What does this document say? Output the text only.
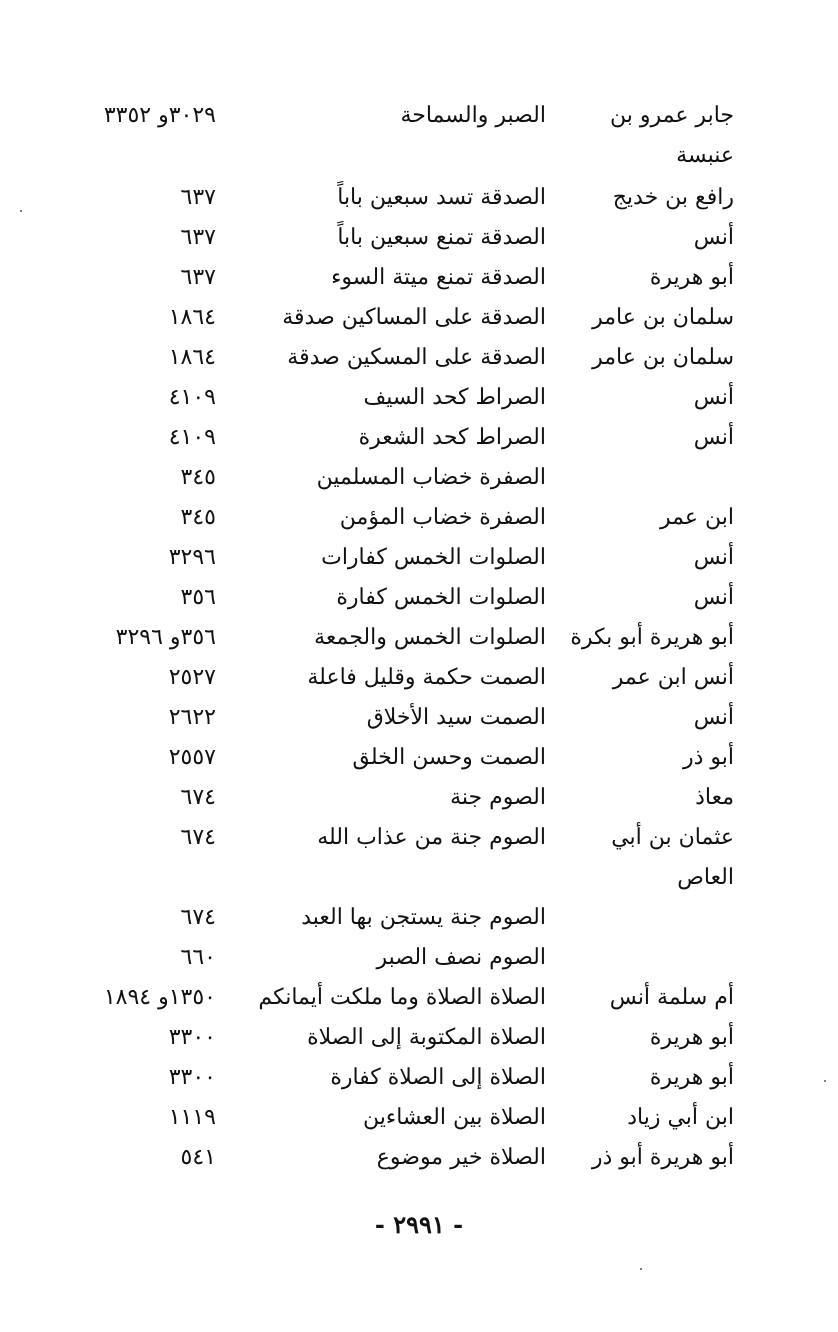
جابر عمرو بن
الصبر والسماحة
٣٠٢٩و ٣٣٥٢
عنبسة
رافع بن خديج
الصدقة تسد سبعين باباً
٦٣٧
أنس
الصدقة تمنع سبعين باباً
٦٣٧
أبو هريرة
الصدقة تمنع ميتة السوء
٦٣٧
سلمان بن عامر
الصدقة على المساكين صدقة
١٨٦٤
سلمان بن عامر
الصدقة على المسكين صدقة
١٨٦٤
أنس
الصراط كحد السيف
٤١٠٩
أنس
الصراط كحد الشعرة
٤١٠٩
الصفرة خضاب المسلمين
٣٤٥
ابن عمر
الصفرة خضاب المؤمن
٣٤٥
أنس
الصلوات الخمس كفارات
٣٢٩٦
أنس
الصلوات الخمس كفارة
٣٥٦
أبو هريرة أبو بكرة
الصلوات الخمس والجمعة
٣٥٦و ٣٢٩٦
أنس ابن عمر
الصمت حكمة وقليل فاعلة
٢٥٢٧
أنس
الصمت سيد الأخلاق
٢٦٢٢
أبو ذر
الصمت وحسن الخلق
٢٥٥٧
معاذ
الصوم جنة
٦٧٤
عثمان بن أبي
الصوم جنة من عذاب الله
٦٧٤
العاص
الصوم جنة يستجن بها العبد
٦٧٤
الصوم نصف الصبر
٦٦٠
أم سلمة أنس
الصلاة الصلاة وما ملكت أيمانكم
١٣٥٠و ١٨٩٤
أبو هريرة
الصلاة المكتوبة إلى الصلاة
٣٣٠٠
أبو هريرة
الصلاة إلى الصلاة كفارة
٣٣٠٠
ابن أبي زياد
الصلاة بين العشاءين
١١١٩
أبو هريرة أبو ذر
الصلاة خير موضوع
٥٤١
- ٢٩٩١ -
